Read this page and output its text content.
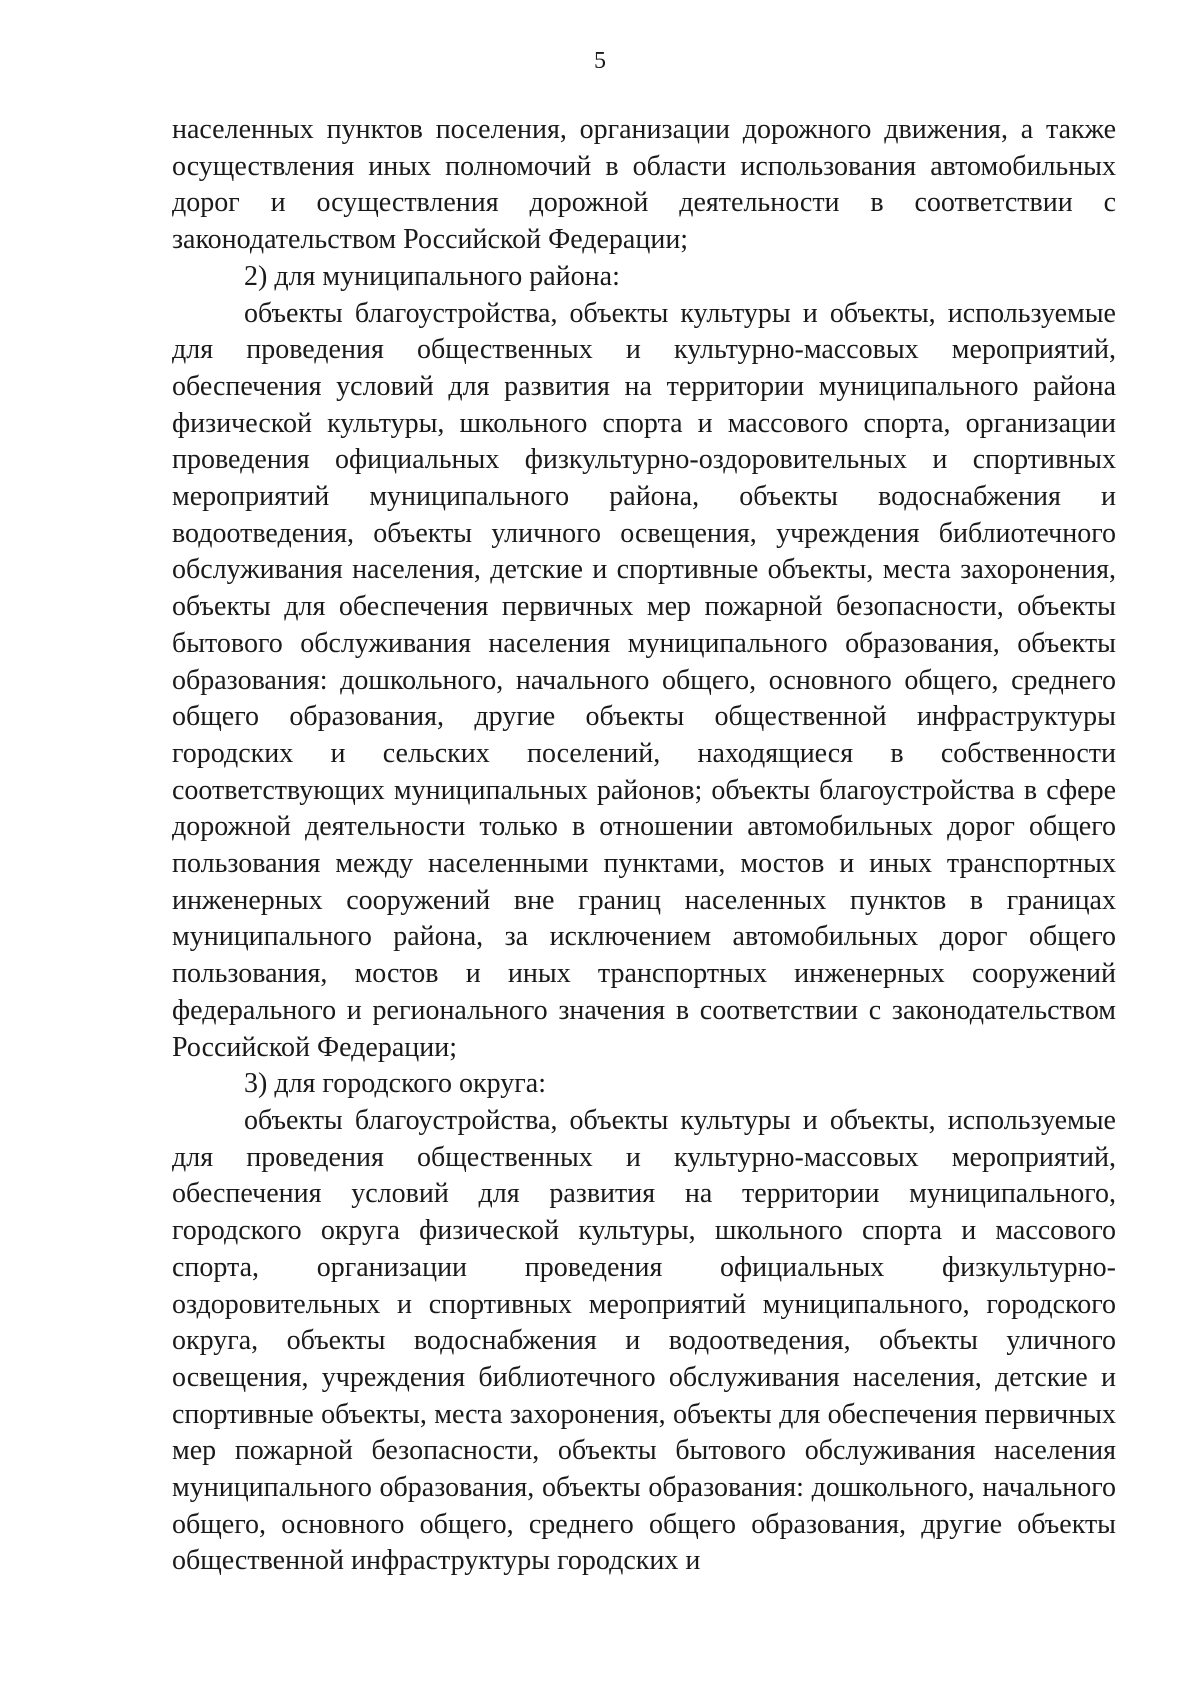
5

населенных пунктов поселения, организации дорожного движения, а также осуществления иных полномочий в области использования автомобильных дорог и осуществления дорожной деятельности в соответствии с законодательством Российской Федерации;

2) для муниципального района:

объекты благоустройства, объекты культуры и объекты, используемые для проведения общественных и культурно-массовых мероприятий, обеспечения условий для развития на территории муниципального района физической культуры, школьного спорта и массового спорта, организации проведения официальных физкультурно-оздоровительных и спортивных мероприятий муниципального района, объекты водоснабжения и водоотведения, объекты уличного освещения, учреждения библиотечного обслуживания населения, детские и спортивные объекты, места захоронения, объекты для обеспечения первичных мер пожарной безопасности, объекты бытового обслуживания населения муниципального образования, объекты образования: дошкольного, начального общего, основного общего, среднего общего образования, другие объекты общественной инфраструктуры городских и сельских поселений, находящиеся в собственности соответствующих муниципальных районов; объекты благоустройства в сфере дорожной деятельности только в отношении автомобильных дорог общего пользования между населенными пунктами, мостов и иных транспортных инженерных сооружений вне границ населенных пунктов в границах муниципального района, за исключением автомобильных дорог общего пользования, мостов и иных транспортных инженерных сооружений федерального и регионального значения в соответствии с законодательством Российской Федерации;

3) для городского округа:

объекты благоустройства, объекты культуры и объекты, используемые для проведения общественных и культурно-массовых мероприятий, обеспечения условий для развития на территории муниципального, городского округа физической культуры, школьного спорта и массового спорта, организации проведения официальных физкультурно-оздоровительных и спортивных мероприятий муниципального, городского округа, объекты водоснабжения и водоотведения, объекты уличного освещения, учреждения библиотечного обслуживания населения, детские и спортивные объекты, места захоронения, объекты для обеспечения первичных мер пожарной безопасности, объекты бытового обслуживания населения муниципального образования, объекты образования: дошкольного, начального общего, основного общего, среднего общего образования, другие объекты общественной инфраструктуры городских и
